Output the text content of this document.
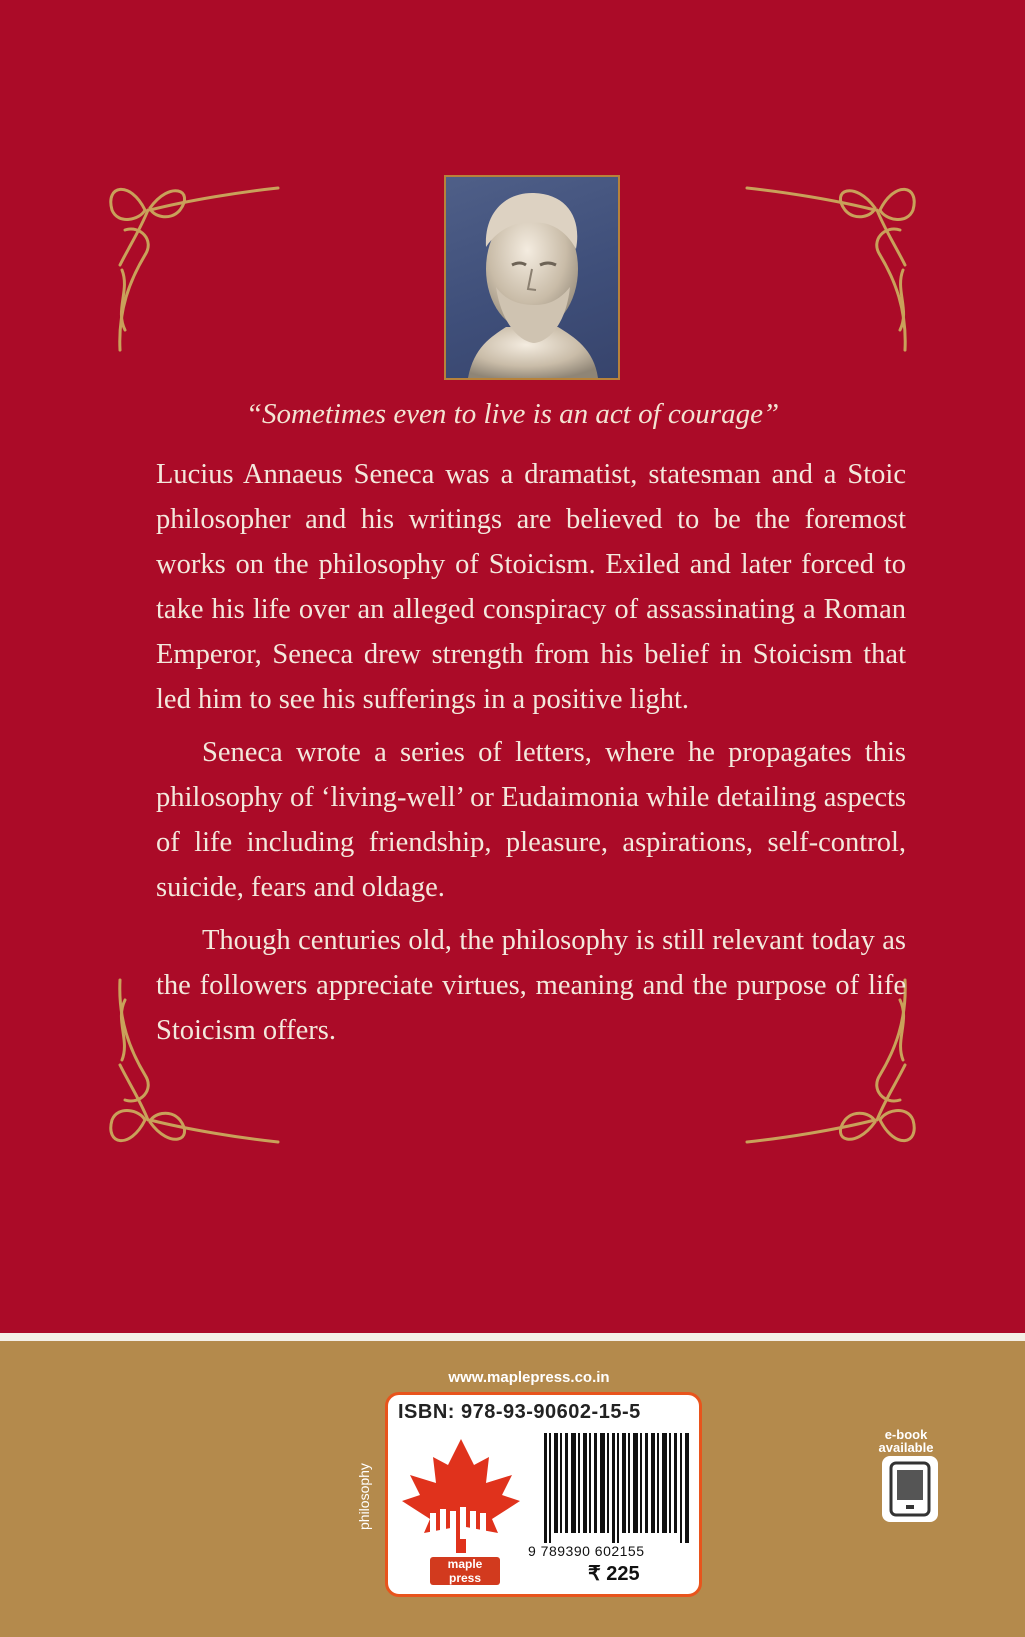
“Sometimes even to live is an act of courage”

Lucius Annaeus Seneca was a dramatist, statesman and a Stoic philosopher and his writings are believed to be the foremost works on the philosophy of Stoicism. Exiled and later forced to take his life over an alleged conspiracy of assassinating a Roman Emperor, Seneca drew strength from his belief in Stoicism that led him to see his sufferings in a positive light.

Seneca wrote a series of letters, where he propagates this philosophy of ‘living-well’ or Eudaimonia while detailing aspects of life including friendship, pleasure, aspirations, self-control, suicide, fears and oldage.

Though centuries old, the philosophy is still relevant today as the followers appreciate virtues, meaning and the purpose of life Stoicism offers.

www.maplepress.co.in
philosophy
ISBN: 978-93-90602-15-5
maple press
9 789390 602155
₹ 225
e-book
available
